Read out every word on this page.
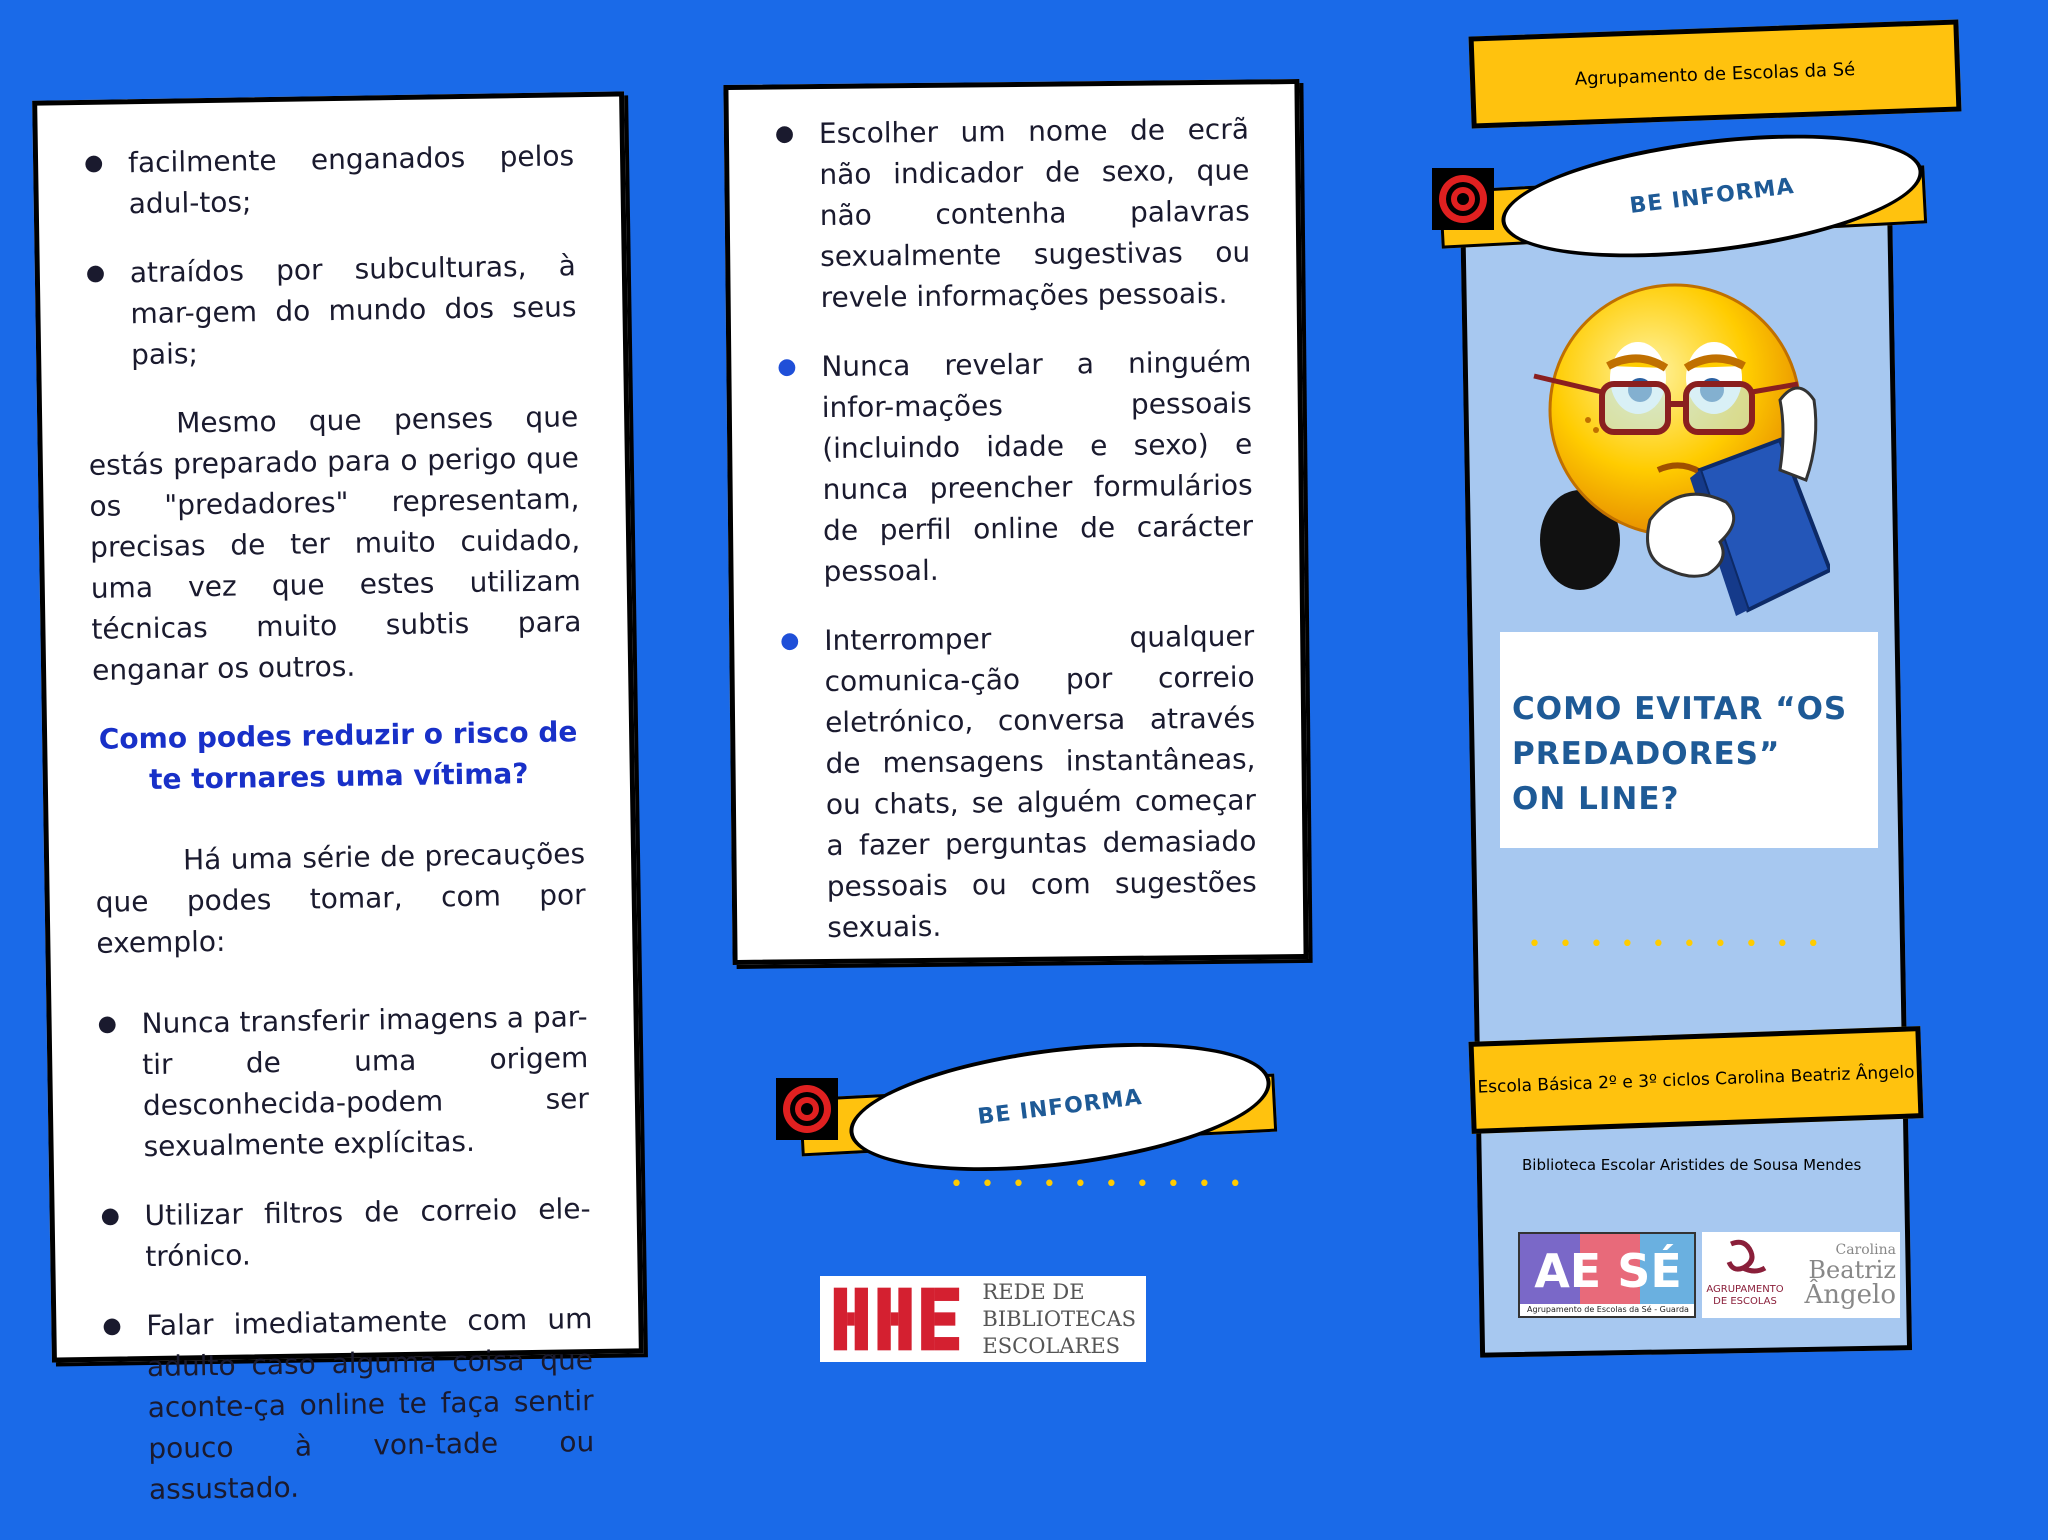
● facilmente enganados pelos adul-tos;
● atraídos por subculturas, à mar-gem do mundo dos seus pais;

Mesmo que penses que estás preparado para o perigo que os "predadores" representam, precisas de ter muito cuidado, uma vez que estes utilizam técnicas muito subtis para enganar os outros.

Como podes reduzir o risco de te tornares uma vítima?

Há uma série de precauções que podes tomar, com por exemplo:

● Nunca transferir imagens a par-tir de uma origem desconhecida-podem ser sexualmente explícitas.
● Utilizar filtros de correio ele-trónico.
● Falar imediatamente com um adulto caso alguma coisa que aconte-ça online te faça sentir pouco à von-tade ou assustado.
● Escolher um nome de ecrã não indicador de sexo, que não contenha palavras sexualmente sugestivas ou revele informações pessoais.
● Nunca revelar a ninguém infor-mações pessoais (incluindo idade e sexo) e nunca preencher formulários de perfil online de carácter pessoal.
● Interromper qualquer comunica-ção por correio eletrónico, conversa através de mensagens instantâneas, ou chats, se alguém começar a fazer perguntas demasiado pessoais ou com sugestões sexuais.
BE INFORMA
••••••••••
REDE DE
BIBLIOTECAS
ESCOLARES
Agrupamento de Escolas da Sé
BE INFORMA
COMO EVITAR “OS
PREDADORES”
ON LINE?
••••••••••
Escola Básica 2º e 3º ciclos Carolina Beatriz Ângelo
Biblioteca Escolar Aristides de Sousa Mendes
AE SÉ
Agrupamento de Escolas da Sé - Guarda
AGRUPAMENTO
DE ESCOLAS
Carolina
Beatriz
Ângelo
